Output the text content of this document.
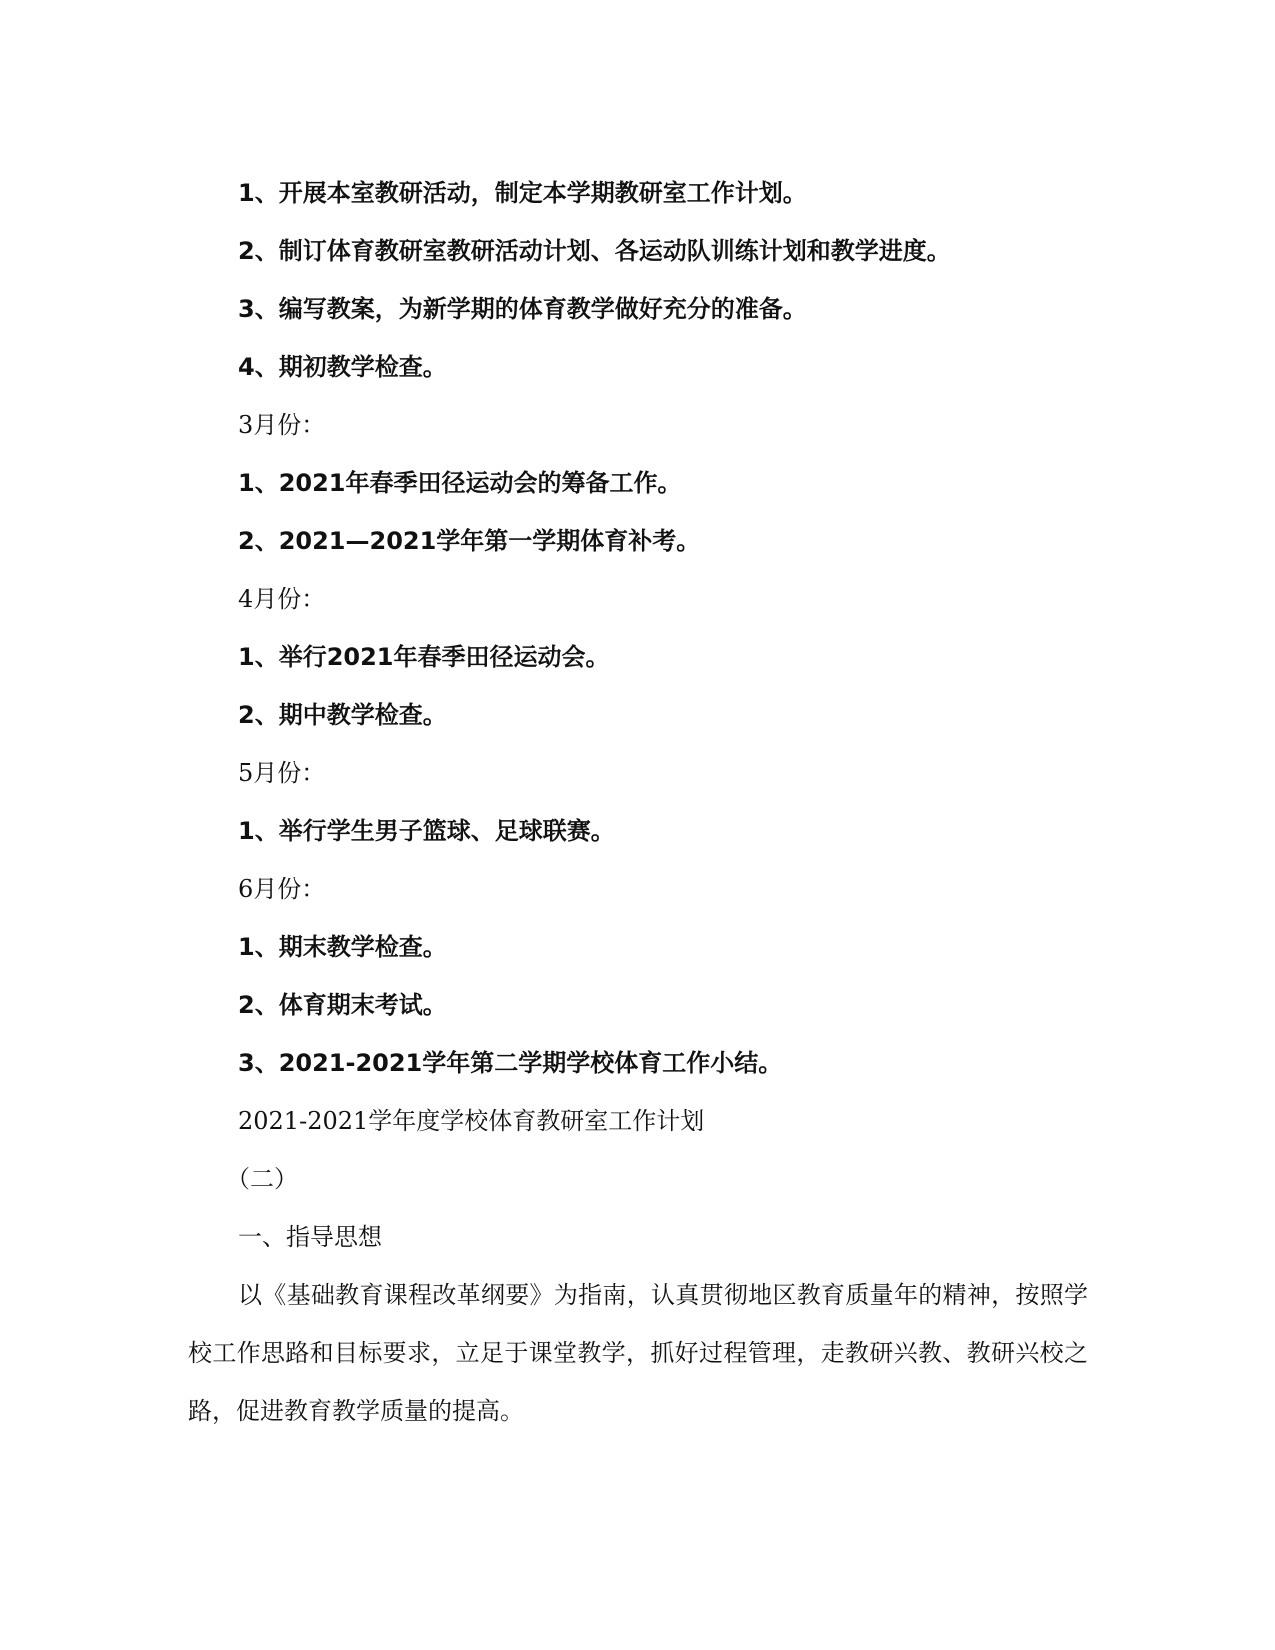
1、开展本室教研活动，制定本学期教研室工作计划。
2、制订体育教研室教研活动计划、各运动队训练计划和教学进度。
3、编写教案，为新学期的体育教学做好充分的准备。
4、期初教学检查。
3月份：
1、2021年春季田径运动会的筹备工作。
2、2021—2021学年第一学期体育补考。
4月份：
1、举行2021年春季田径运动会。
2、期中教学检查。
5月份：
1、举行学生男子篮球、足球联赛。
6月份：
1、期末教学检查。
2、体育期末考试。
3、2021-2021学年第二学期学校体育工作小结。
2021-2021学年度学校体育教研室工作计划
（二）
一、指导思想

以《基础教育课程改革纲要》为指南，认真贯彻地区教育质量年的精神，按照学校工作思路和目标要求，立足于课堂教学，抓好过程管理，走教研兴教、教研兴校之路，促进教育教学质量的提高。
